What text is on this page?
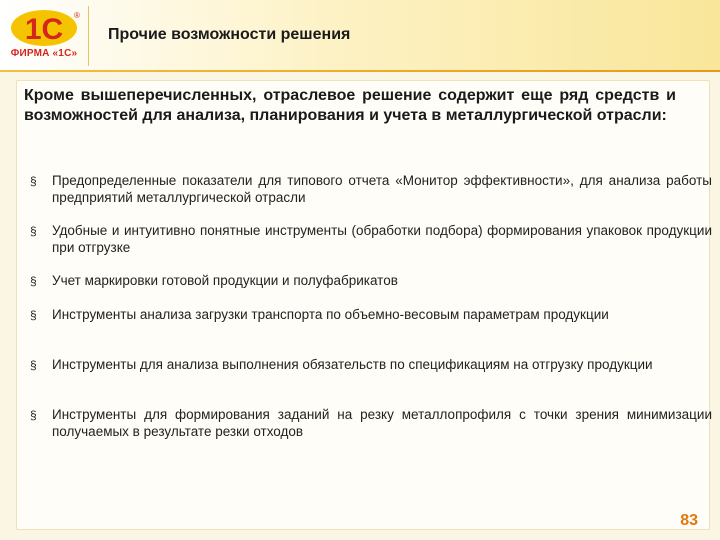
1С ®
ФИРМА «1С»
Прочие возможности решения
Кроме вышеперечисленных, отраслевое решение содержит еще ряд средств и возможностей для анализа, планирования и учета в металлургической отрасли:
§ Предопределенные показатели для типового отчета «Монитор эффективности», для анализа работы предприятий металлургической отрасли
§ Удобные и интуитивно понятные инструменты (обработки подбора) формирования упаковок продукции при отгрузке
§ Учет маркировки готовой продукции и полуфабрикатов
§ Инструменты анализа загрузки транспорта по объемно-весовым параметрам продукции
§ Инструменты для анализа выполнения обязательств по спецификациям на отгрузку продукции
§ Инструменты для формирования заданий на резку металлопрофиля с точки зрения минимизации получаемых в результате резки отходов
83
